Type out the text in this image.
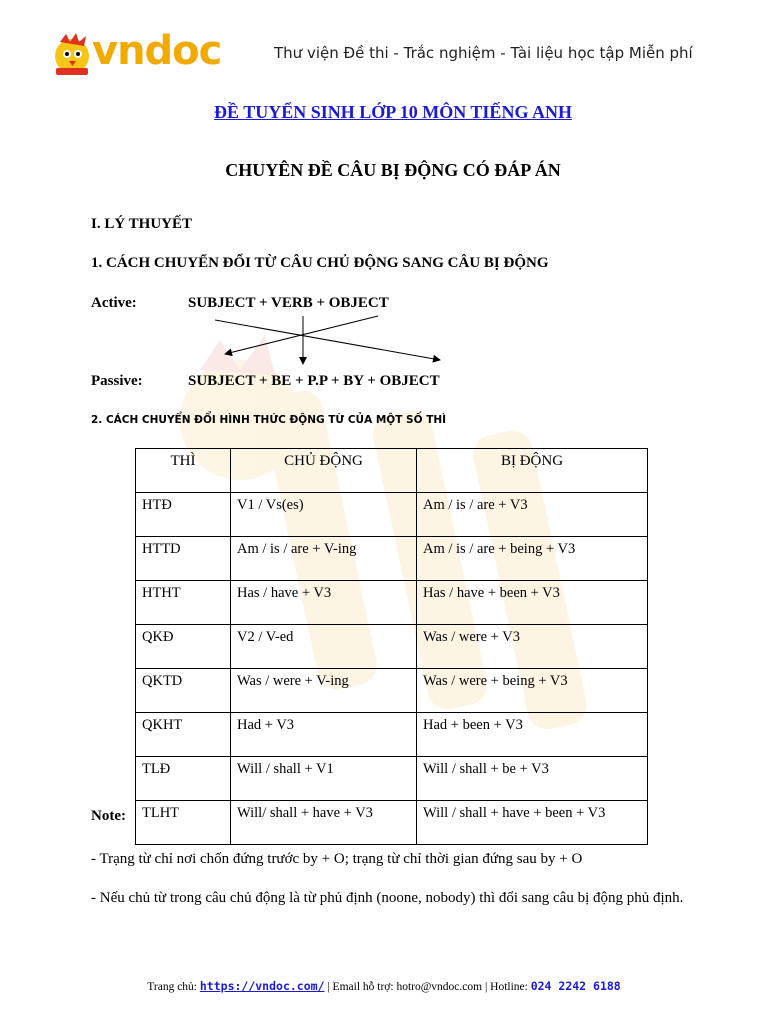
vndoc	Thư viện Đề thi - Trắc nghiệm - Tài liệu học tập Miễn phí
ĐỀ TUYỂN SINH LỚP 10 MÔN TIẾNG ANH
CHUYÊN ĐỀ CÂU BỊ ĐỘNG CÓ ĐÁP ÁN
I. LÝ THUYẾT
1. CÁCH CHUYỂN ĐỔI TỪ CÂU CHỦ ĐỘNG SANG CÂU BỊ ĐỘNG
Active:	SUBJECT + VERB + OBJECT
Passive:	SUBJECT + BE + P.P + BY + OBJECT
2. CÁCH CHUYỂN ĐỔI HÌNH THỨC ĐỘNG TỪ CỦA MỘT SỐ THÌ
THÌ	CHỦ ĐỘNG	BỊ ĐỘNG
HTĐ	V1 / Vs(es)	Am / is / are + V3
HTTD	Am / is / are + V-ing	Am / is / are + being + V3
HTHT	Has / have + V3	Has / have + been + V3
QKĐ	V2 / V-ed	Was / were + V3
QKTD	Was / were + V-ing	Was / were + being + V3
QKHT	Had + V3	Had + been + V3
TLĐ	Will / shall + V1	Will / shall + be + V3
TLHT	Will/ shall + have + V3	Will / shall + have + been + V3
Note:
- Trạng từ chỉ nơi chốn đứng trước by + O; trạng từ chỉ thời gian đứng sau by + O
- Nếu chủ từ trong câu chủ động là từ phủ định (noone, nobody) thì đổi sang câu bị động phủ định.
Trang chủ: https://vndoc.com/ | Email hỗ trợ: hotro@vndoc.com | Hotline: 024 2242 6188
